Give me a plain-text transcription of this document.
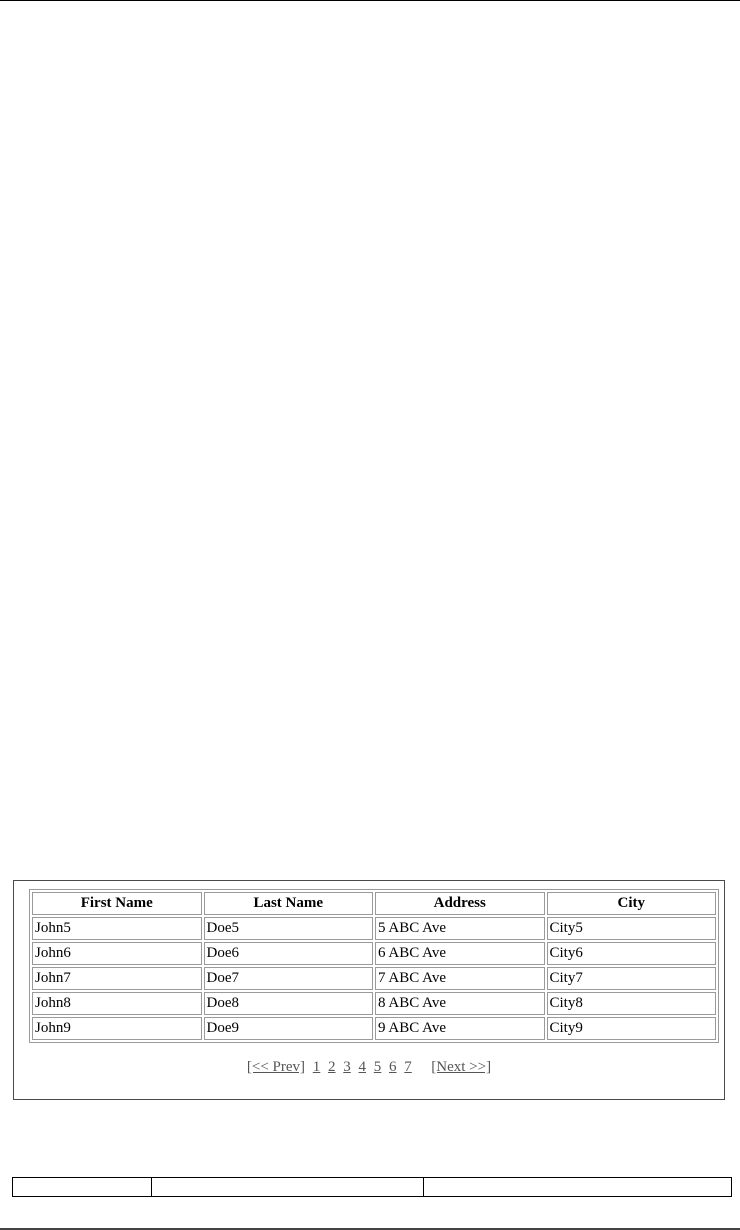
First Name	Last Name	Address	City
John5	Doe5	5 ABC Ave	City5
John6	Doe6	6 ABC Ave	City6
John7	Doe7	7 ABC Ave	City7
John8	Doe8	8 ABC Ave	City8
John9	Doe9	9 ABC Ave	City9
[<< Prev] 1 2 3 4 5 6 7 [Next >>]
